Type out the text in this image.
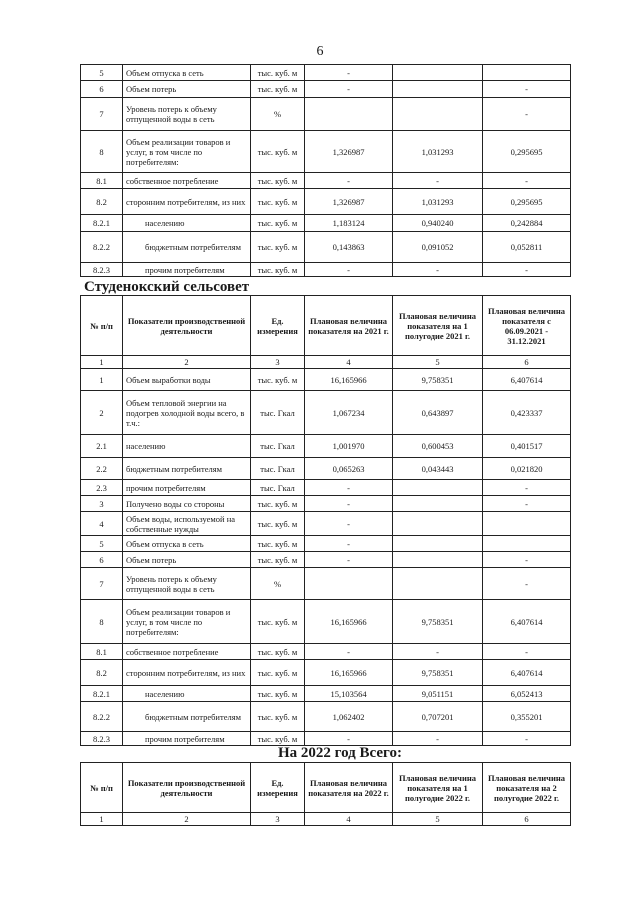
6
5	Объем отпуска в сеть	тыс. куб. м	-		
6	Объем потерь	тыс. куб. м	-		-
7	Уровень потерь к объему отпущенной воды в сеть	%			-
8	Объем реализации товаров и услуг, в том числе по потребителям:	тыс. куб. м	1,326987	1,031293	0,295695
8.1	собственное потребление	тыс. куб. м	-	-	-
8.2	сторонним потребителям, из них	тыс. куб. м	1,326987	1,031293	0,295695
8.2.1	населению	тыс. куб. м	1,183124	0,940240	0,242884
8.2.2	бюджетным потребителям	тыс. куб. м	0,143863	0,091052	0,052811
8.2.3	прочим потребителям	тыс. куб. м	-	-	-
Студенокский сельсовет
№ п/п	Показатели производственной деятельности	Ед. измерения	Плановая величина показателя на 2021 г.	Плановая величина показателя на 1 полугодие 2021 г.	Плановая величина показателя с 06.09.2021 - 31.12.2021
1	2	3	4	5	6
1	Объем выработки воды	тыс. куб. м	16,165966	9,758351	6,407614
2	Объем тепловой энергии на подогрев холодной воды всего, в т.ч.:	тыс. Гкал	1,067234	0,643897	0,423337
2.1	населению	тыс. Гкал	1,001970	0,600453	0,401517
2.2	бюджетным потребителям	тыс. Гкал	0,065263	0,043443	0,021820
2.3	прочим потребителям	тыс. Гкал	-		-
3	Получено воды со стороны	тыс. куб. м	-		-
4	Объем воды, используемой на собственные нужды	тыс. куб. м	-		
5	Объем отпуска в сеть	тыс. куб. м	-		
6	Объем потерь	тыс. куб. м	-		-
7	Уровень потерь к объему отпущенной воды в сеть	%			-
8	Объем реализации товаров и услуг, в том числе по потребителям:	тыс. куб. м	16,165966	9,758351	6,407614
8.1	собственное потребление	тыс. куб. м	-	-	-
8.2	сторонним потребителям, из них	тыс. куб. м	16,165966	9,758351	6,407614
8.2.1	населению	тыс. куб. м	15,103564	9,051151	6,052413
8.2.2	бюджетным потребителям	тыс. куб. м	1,062402	0,707201	0,355201
8.2.3	прочим потребителям	тыс. куб. м	-	-	-
На 2022 год Всего:
№ п/п	Показатели производственной деятельности	Ед. измерения	Плановая величина показателя на 2022 г.	Плановая величина показателя на 1 полугодие 2022 г.	Плановая величина показателя на 2 полугодие 2022 г.
1	2	3	4	5	6
